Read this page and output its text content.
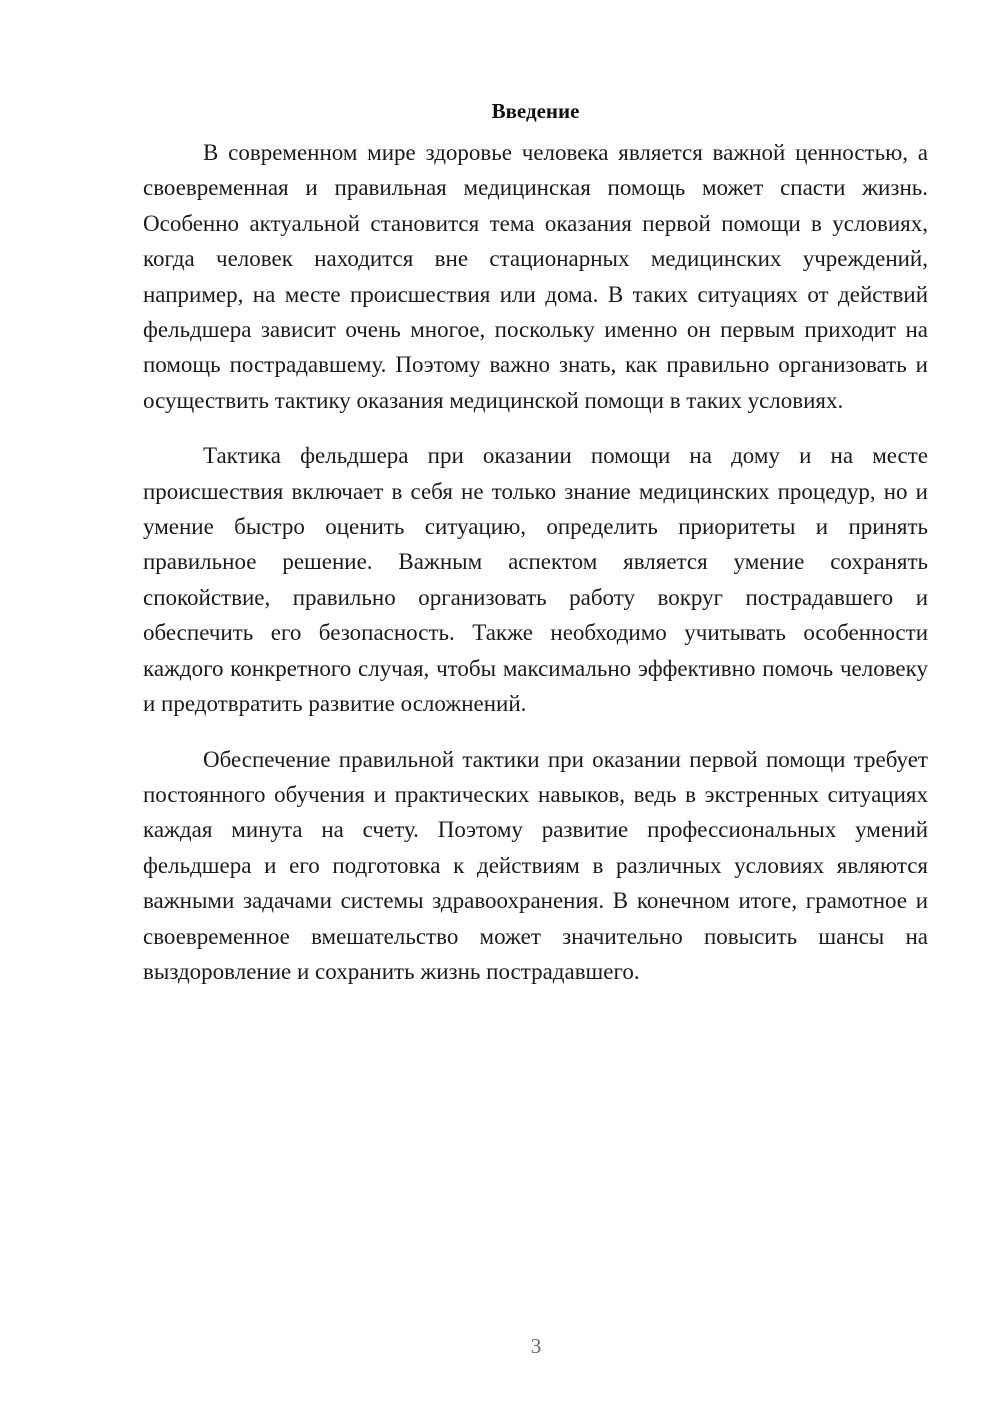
Введение

В современном мире здоровье человека является важной ценностью, а своевременная и правильная медицинская помощь может спасти жизнь. Особенно актуальной становится тема оказания первой помощи в условиях, когда человек находится вне стационарных медицинских учреждений, например, на месте происшествия или дома. В таких ситуациях от действий фельдшера зависит очень многое, поскольку именно он первым приходит на помощь пострадавшему. Поэтому важно знать, как правильно организовать и осуществить тактику оказания медицинской помощи в таких условиях.

Тактика фельдшера при оказании помощи на дому и на месте происшествия включает в себя не только знание медицинских процедур, но и умение быстро оценить ситуацию, определить приоритеты и принять правильное решение. Важным аспектом является умение сохранять спокойствие, правильно организовать работу вокруг пострадавшего и обеспечить его безопасность. Также необходимо учитывать особенности каждого конкретного случая, чтобы максимально эффективно помочь человеку и предотвратить развитие осложнений.

Обеспечение правильной тактики при оказании первой помощи требует постоянного обучения и практических навыков, ведь в экстренных ситуациях каждая минута на счету. Поэтому развитие профессиональных умений фельдшера и его подготовка к действиям в различных условиях являются важными задачами системы здравоохранения. В конечном итоге, грамотное и своевременное вмешательство может значительно повысить шансы на выздоровление и сохранить жизнь пострадавшего.

3
